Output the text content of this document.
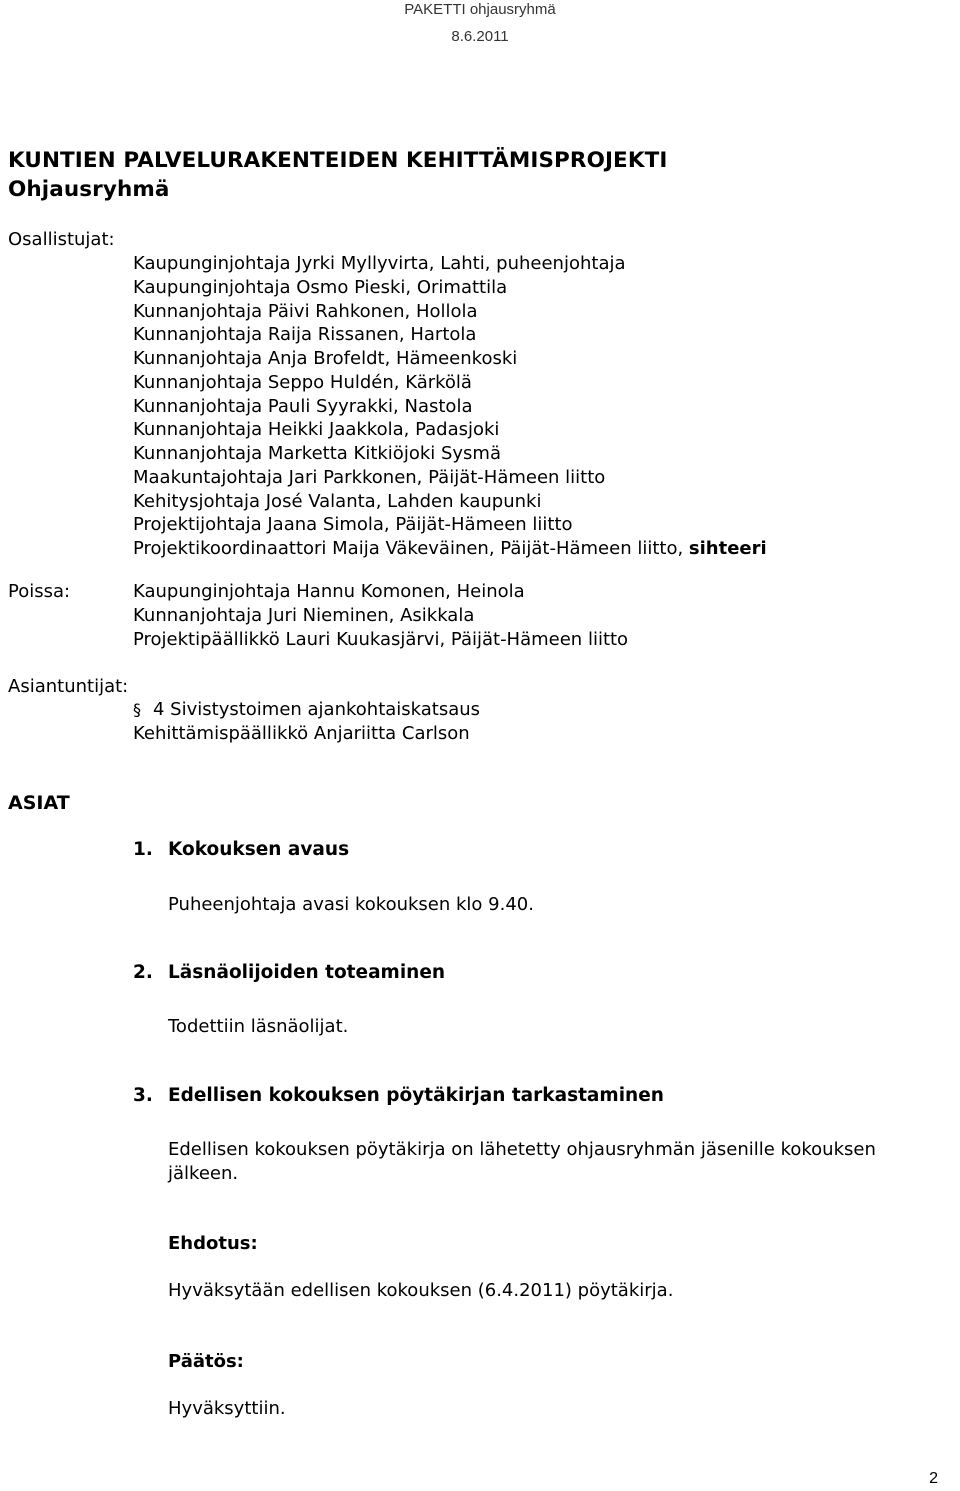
PAKETTI ohjausryhmä
8.6.2011
KUNTIEN PALVELURAKENTEIDEN KEHITTÄMISPROJEKTI
Ohjausryhmä
Osallistujat:
Kaupunginjohtaja Jyrki Myllyvirta, Lahti, puheenjohtaja
Kaupunginjohtaja Osmo Pieski, Orimattila
Kunnanjohtaja Päivi Rahkonen, Hollola
Kunnanjohtaja Raija Rissanen, Hartola
Kunnanjohtaja Anja Brofeldt, Hämeenkoski
Kunnanjohtaja Seppo Huldén, Kärkölä
Kunnanjohtaja Pauli Syyrakki, Nastola
Kunnanjohtaja Heikki Jaakkola, Padasjoki
Kunnanjohtaja Marketta Kitkiöjoki Sysmä
Maakuntajohtaja Jari Parkkonen, Päijät-Hämeen liitto
Kehitysjohtaja José Valanta, Lahden kaupunki
Projektijohtaja Jaana Simola, Päijät-Hämeen liitto
Projektikoordinaattori Maija Väkeväinen, Päijät-Hämeen liitto, sihteeri
Poissa:	Kaupunginjohtaja Hannu Komonen, Heinola
Kunnanjohtaja Juri Nieminen, Asikkala
Projektipäällikkö Lauri Kuukasjärvi, Päijät-Hämeen liitto
Asiantuntijat:
§ 4 Sivistystoimen ajankohtaiskatsaus
Kehittämispäällikkö Anjariitta Carlson
ASIAT
1. Kokouksen avaus
Puheenjohtaja avasi kokouksen klo 9.40.
2. Läsnäolijoiden toteaminen
Todettiin läsnäolijat.
3. Edellisen kokouksen pöytäkirjan tarkastaminen
Edellisen kokouksen pöytäkirja on lähetetty ohjausryhmän jäsenille kokouksen jälkeen.
Ehdotus:
Hyväksytään edellisen kokouksen (6.4.2011) pöytäkirja.
Päätös:
Hyväksyttiin.
2
